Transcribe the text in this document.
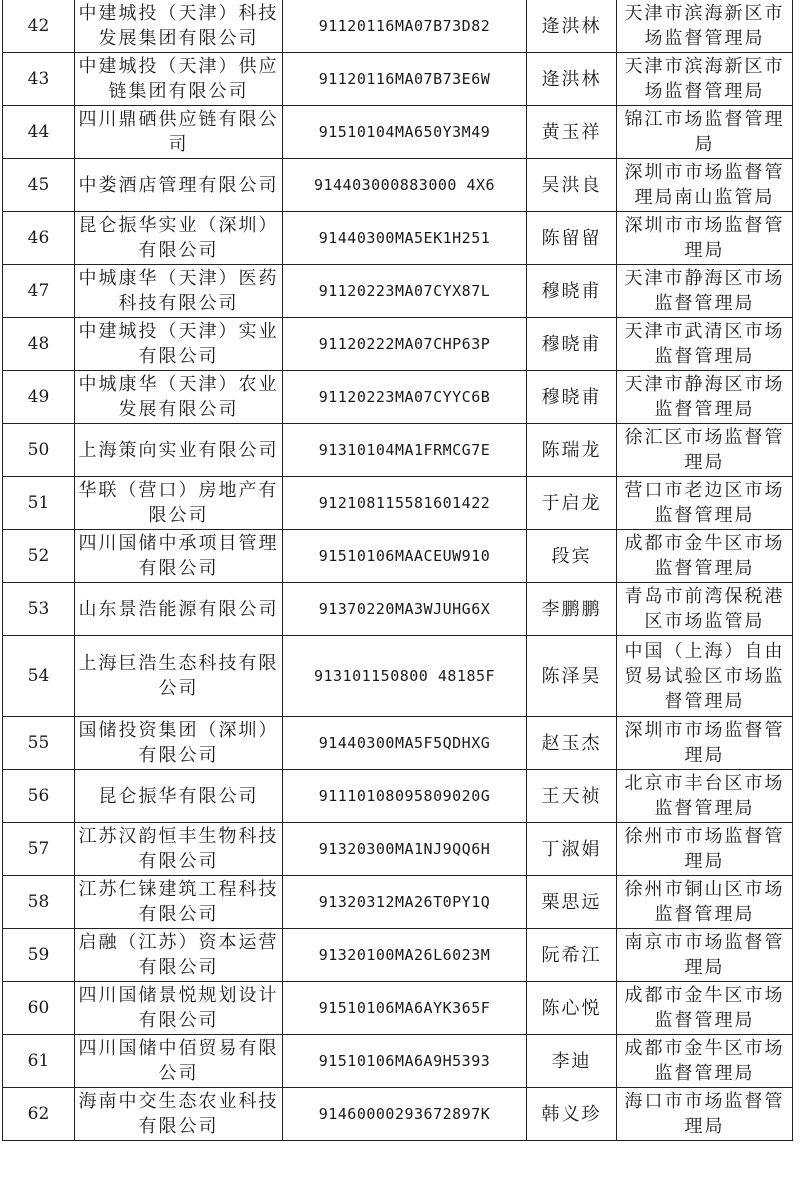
42	中建城投（天津）科技发展集团有限公司	91120116MA07B73D82	逄洪林	天津市滨海新区市场监督管理局
43	中建城投（天津）供应链集团有限公司	91120116MA07B73E6W	逄洪林	天津市滨海新区市场监督管理局
44	四川鼎硒供应链有限公司	91510104MA650Y3M49	黄玉祥	锦江市场监督管理局
45	中娄酒店管理有限公司	914403000883000 4X6	吴洪良	深圳市市场监督管理局南山监管局
46	昆仑振华实业（深圳）有限公司	91440300MA5EK1H251	陈留留	深圳市市场监督管理局
47	中城康华（天津）医药科技有限公司	91120223MA07CYX87L	穆晓甫	天津市静海区市场监督管理局
48	中建城投（天津）实业有限公司	91120222MA07CHP63P	穆晓甫	天津市武清区市场监督管理局
49	中城康华（天津）农业发展有限公司	91120223MA07CYYC6B	穆晓甫	天津市静海区市场监督管理局
50	上海策向实业有限公司	91310104MA1FRMCG7E	陈瑞龙	徐汇区市场监督管理局
51	华联（营口）房地产有限公司	912108115581601422	于启龙	营口市老边区市场监督管理局
52	四川国储中承项目管理有限公司	91510106MAACEUW910	段宾	成都市金牛区市场监督管理局
53	山东景浩能源有限公司	91370220MA3WJUHG6X	李鹏鹏	青岛市前湾保税港区市场监管局
54	上海巨浩生态科技有限公司	913101150800 48185F	陈泽昊	中国（上海）自由贸易试验区市场监督管理局
55	国储投资集团（深圳）有限公司	91440300MA5F5QDHXG	赵玉杰	深圳市市场监督管理局
56	昆仑振华有限公司	91110108095809020G	王天祯	北京市丰台区市场监督管理局
57	江苏汉韵恒丰生物科技有限公司	91320300MA1NJ9QQ6H	丁淑娟	徐州市市场监督管理局
58	江苏仁铼建筑工程科技有限公司	91320312MA26T0PY1Q	栗思远	徐州市铜山区市场监督管理局
59	启融（江苏）资本运营有限公司	91320100MA26L6023M	阮希江	南京市市场监督管理局
60	四川国储景悦规划设计有限公司	91510106MA6AYK365F	陈心悦	成都市金牛区市场监督管理局
61	四川国储中佰贸易有限公司	91510106MA6A9H5393	李迪	成都市金牛区市场监督管理局
62	海南中交生态农业科技有限公司	91460000293672897K	韩义珍	海口市市场监督管理局
